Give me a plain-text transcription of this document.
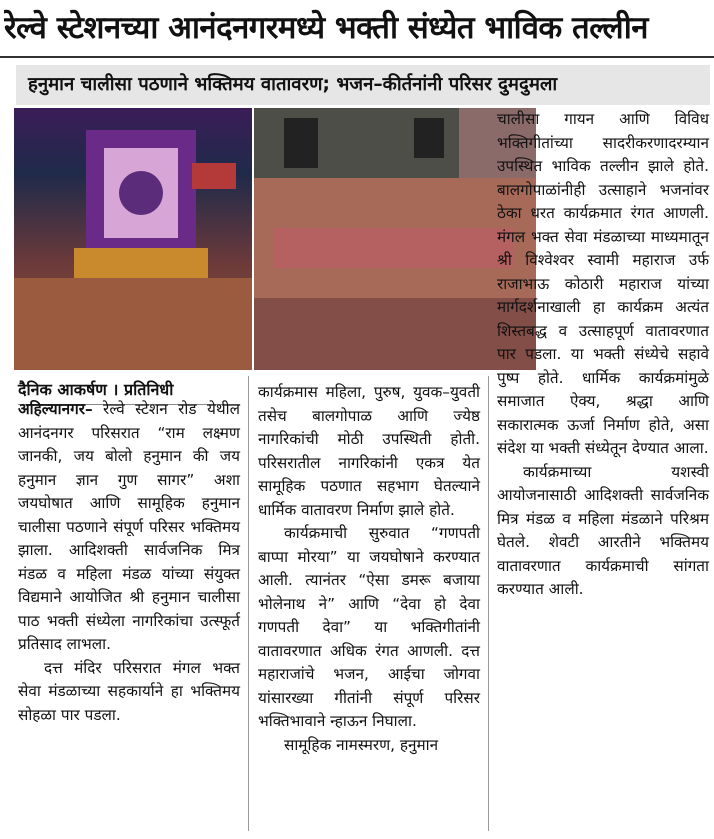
रेल्वे स्टेशनच्या आनंदनगरमध्ये भक्ती संध्येत भाविक तल्लीन
हनुमान चालीसा पठणाने भक्तिमय वातावरण; भजन–कीर्तनांनी परिसर दुमदुमला
दैनिक आकर्षण । प्रतिनिधी

अहिल्यानगर– रेल्वे स्टेशन रोड येथील आनंदनगर परिसरात “राम लक्ष्मण जानकी, जय बोलो हनुमान की जय हनुमान ज्ञान गुण सागर” अशा जयघोषात आणि सामूहिक हनुमान चालीसा पठणाने संपूर्ण परिसर भक्तिमय झाला. आदिशक्ती सार्वजनिक मित्र मंडळ व महिला मंडळ यांच्या संयुक्त विद्यमाने आयोजित श्री हनुमान चालीसा पाठ भक्ती संध्येला नागरिकांचा उत्स्फूर्त प्रतिसाद लाभला.

दत्त मंदिर परिसरात मंगल भक्त सेवा मंडळाच्या सहकार्याने हा भक्तिमय सोहळा पार पडला.

कार्यक्रमास महिला, पुरुष, युवक–युवती तसेच बालगोपाळ आणि ज्येष्ठ नागरिकांची मोठी उपस्थिती होती. परिसरातील नागरिकांनी एकत्र येत सामूहिक पठणात सहभाग घेतल्याने धार्मिक वातावरण निर्माण झाले होते.

कार्यक्रमाची सुरुवात “गणपती बाप्पा मोरया” या जयघोषाने करण्यात आली. त्यानंतर “ऐसा डमरू बजाया भोलेनाथ ने” आणि “देवा हो देवा गणपती देवा” या भक्तिगीतांनी वातावरणात अधिक रंगत आणली. दत्त महाराजांचे भजन, आईचा जोगवा यांसारख्या गीतांनी संपूर्ण परिसर भक्तिभावाने न्हाऊन निघाला.

सामूहिक नामस्मरण, हनुमान

चालीसा गायन आणि विविध भक्तिगीतांच्या सादरीकरणादरम्यान उपस्थित भाविक तल्लीन झाले होते. बालगोपाळांनीही उत्साहाने भजनांवर ठेका धरत कार्यक्रमात रंगत आणली. मंगल भक्त सेवा मंडळाच्या माध्यमातून श्री विश्वेश्वर स्वामी महाराज उर्फ राजाभाऊ कोठारी महाराज यांच्या मार्गदर्शनाखाली हा कार्यक्रम अत्यंत शिस्तबद्ध व उत्साहपूर्ण वातावरणात पार पडला. या भक्ती संध्येचे सहावे पुष्प होते. धार्मिक कार्यक्रमांमुळे समाजात ऐक्य, श्रद्धा आणि सकारात्मक ऊर्जा निर्माण होते, असा संदेश या भक्ती संध्येतून देण्यात आला.

कार्यक्रमाच्या यशस्वी आयोजनासाठी आदिशक्ती सार्वजनिक मित्र मंडळ व महिला मंडळाने परिश्रम घेतले. शेवटी आरतीने भक्तिमय वातावरणात कार्यक्रमाची सांगता करण्यात आली.
